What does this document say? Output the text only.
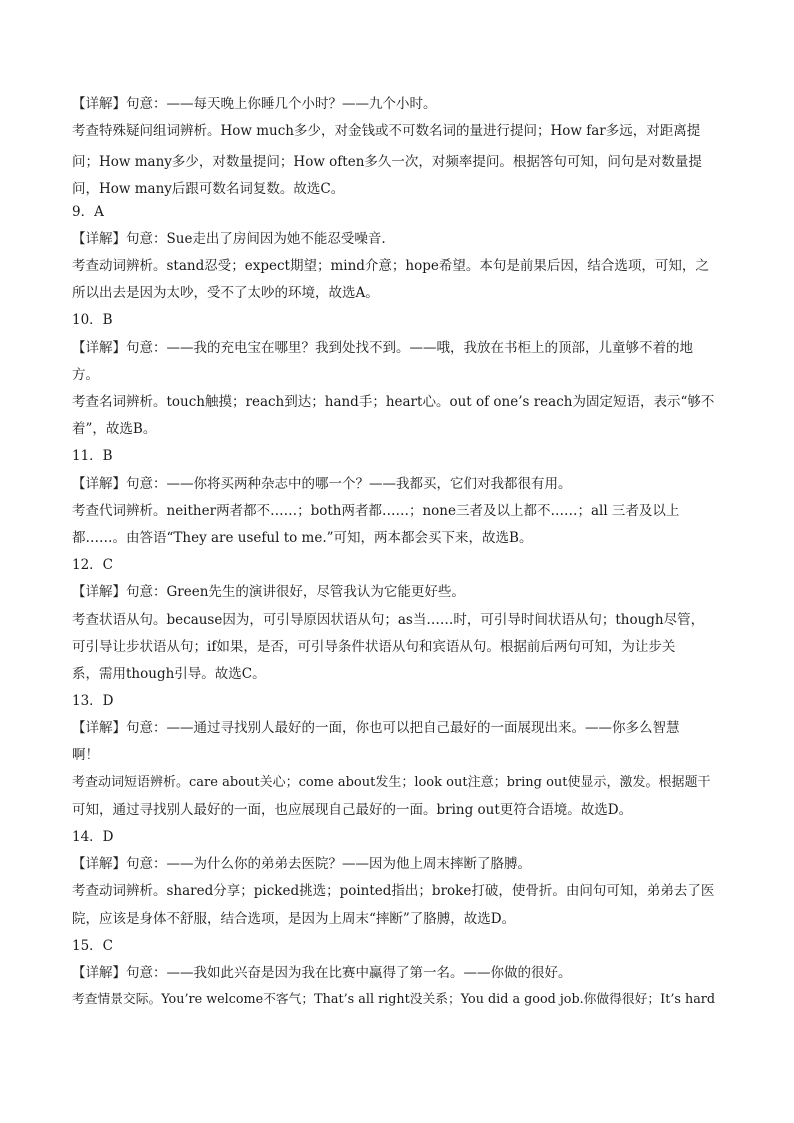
【详解】句意：——每天晚上你睡几个小时？——九个小时。
考查特殊疑问组词辨析。How much多少，对金钱或不可数名词的量进行提问；How far多远，对距离提
问；How many多少，对数量提问；How often多久一次，对频率提问。根据答句可知，问句是对数量提问，How many后跟可数名词复数。故选C。
9．A
【详解】句意：Sue走出了房间因为她不能忍受噪音.
考查动词辨析。stand忍受；expect期望；mind介意；hope希望。本句是前果后因，结合选项，可知，之
所以出去是因为太吵，受不了太吵的环境，故选A。
10．B
【详解】句意：——我的充电宝在哪里？我到处找不到。——哦，我放在书柜上的顶部，儿童够不着的地
方。
考查名词辨析。touch触摸；reach到达；hand手；heart心。out of one’s reach为固定短语，表示“够不
着”，故选B。
11．B
【详解】句意：——你将买两种杂志中的哪一个？——我都买，它们对我都很有用。
考查代词辨析。neither两者都不……；both两者都……；none三者及以上都不……；all 三者及以上
都……。由答语“They are useful to me.”可知，两本都会买下来，故选B。
12．C
【详解】句意：Green先生的演讲很好，尽管我认为它能更好些。
考查状语从句。because因为，可引导原因状语从句；as当……时，可引导时间状语从句；though尽管，
可引导让步状语从句；if如果，是否，可引导条件状语从句和宾语从句。根据前后两句可知，为让步关
系，需用though引导。故选C。
13．D
【详解】句意：——通过寻找别人最好的一面，你也可以把自己最好的一面展现出来。——你多么智慧
啊！
考查动词短语辨析。care about关心；come about发生；look out注意；bring out使显示，激发。根据题干
可知，通过寻找别人最好的一面，也应展现自己最好的一面。bring out更符合语境。故选D。
14．D
【详解】句意：——为什么你的弟弟去医院？——因为他上周末摔断了胳膊。
考查动词辨析。shared分享；picked挑选；pointed指出；broke打破，使骨折。由问句可知，弟弟去了医
院，应该是身体不舒服，结合选项，是因为上周末“摔断”了胳膊，故选D。
15．C
【详解】句意：——我如此兴奋是因为我在比赛中赢得了第一名。——你做的很好。
考查情景交际。You’re welcome不客气；That’s all right没关系；You did a good job.你做得很好；It’s hard
